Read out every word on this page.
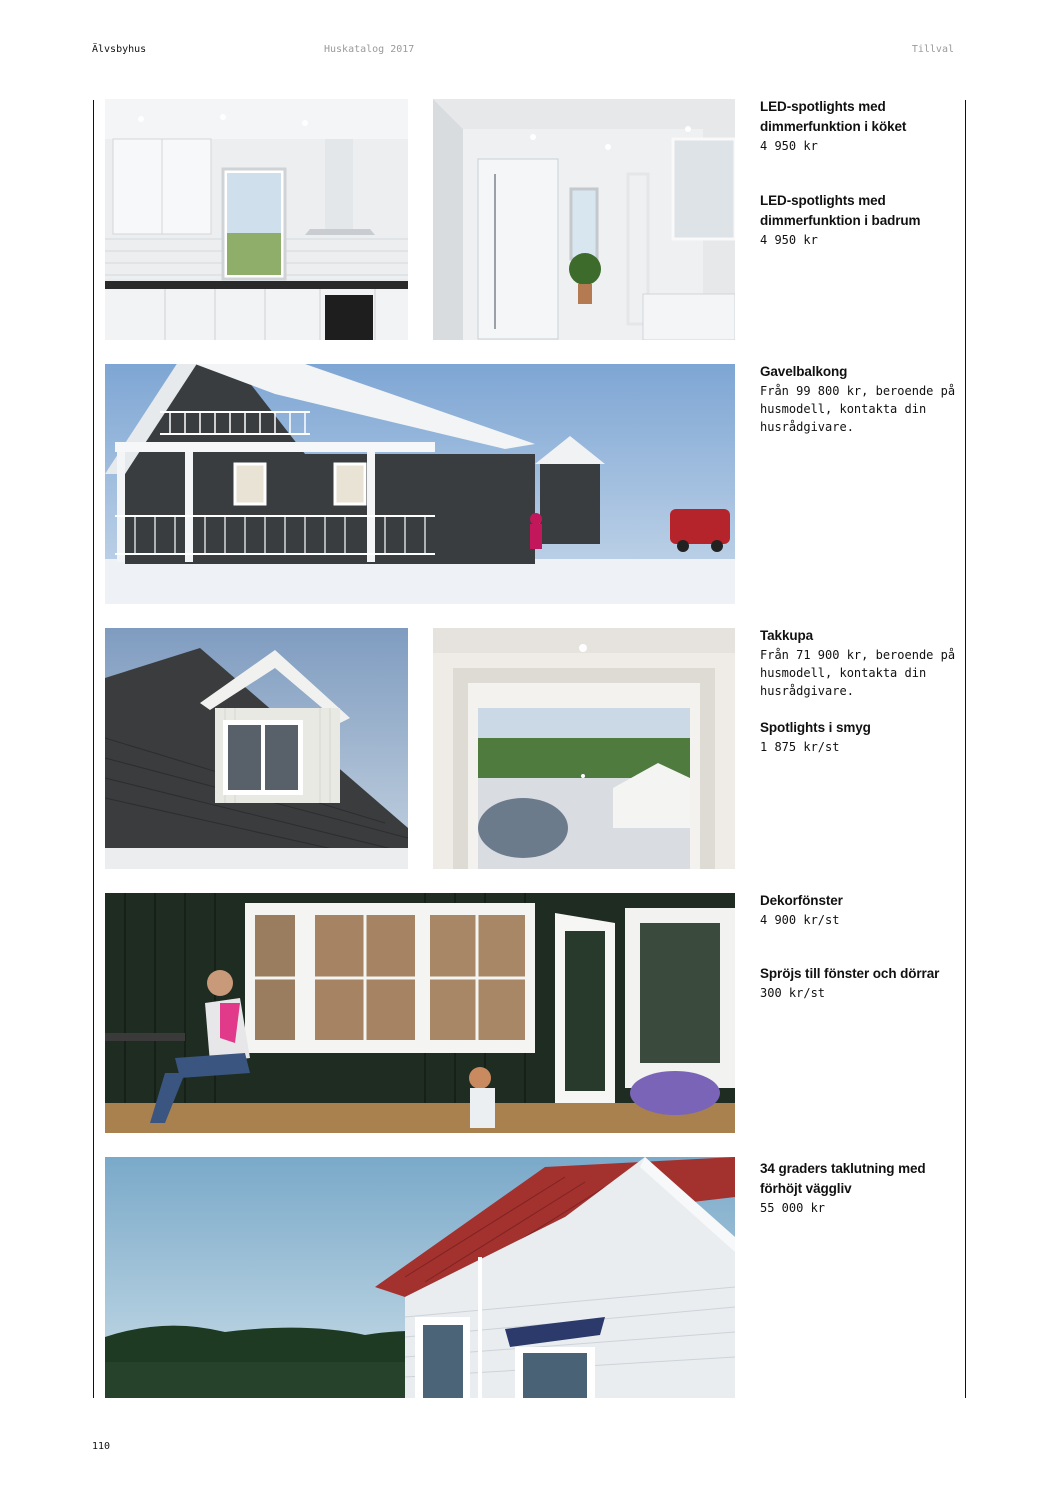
Älvsbyhus	Huskatalog 2017	Tillval
LED-spotlights med dimmerfunktion i köket
4 950 kr
LED-spotlights med dimmerfunktion i badrum
4 950 kr
Gavelbalkong
Från 99 800 kr, beroende på husmodell, kontakta din husrådgivare.
Takkupa
Från 71 900 kr, beroende på husmodell, kontakta din husrådgivare.
Spotlights i smyg
1 875 kr/st
Dekorfönster
4 900 kr/st
Spröjs till fönster och dörrar
300 kr/st
34 graders taklutning med förhöjt väggliv
55 000 kr
110
